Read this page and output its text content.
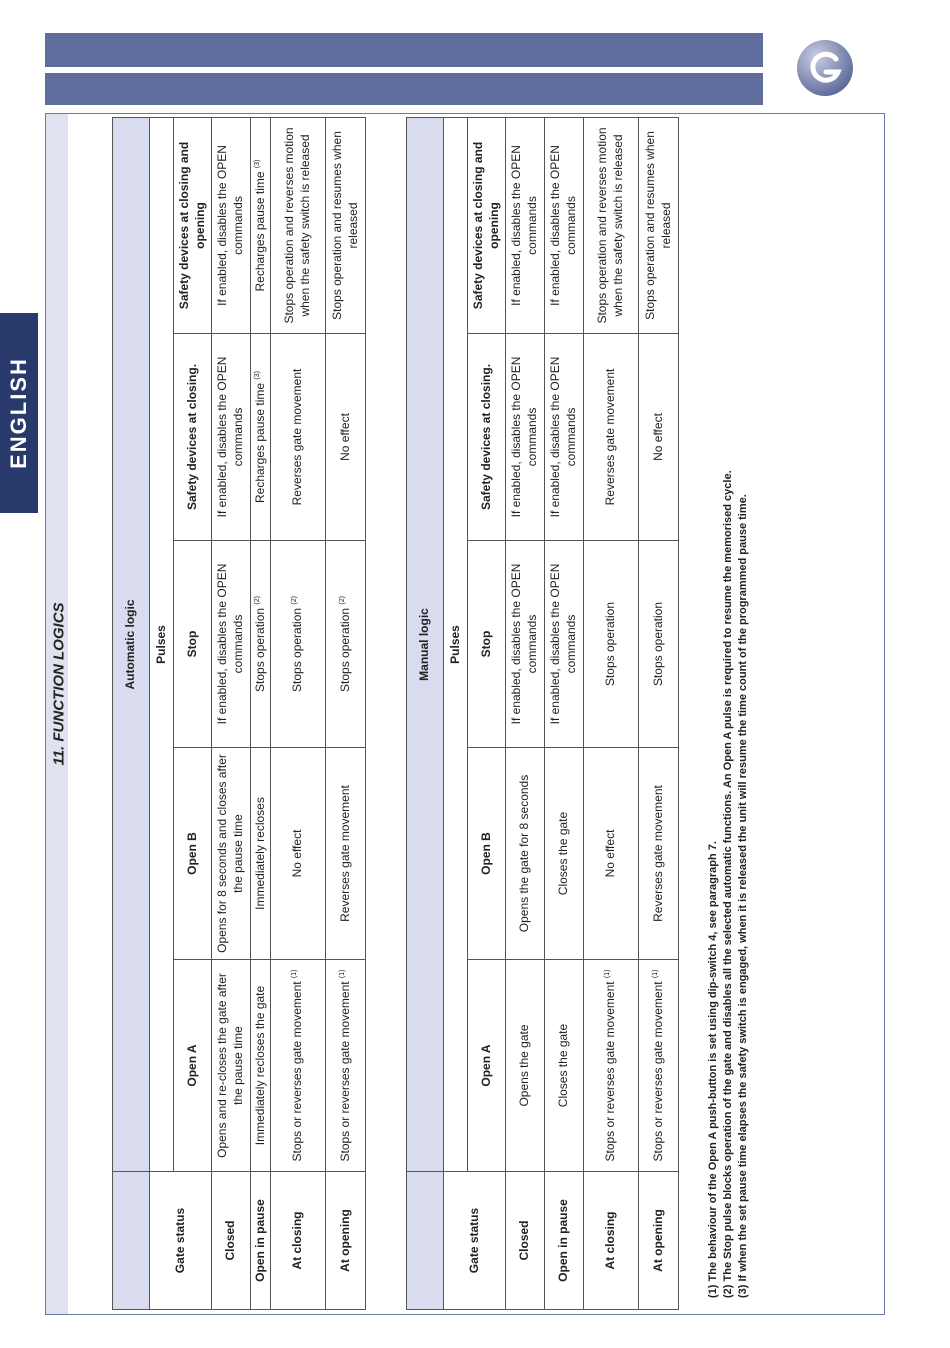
ENGLISH
11. FUNCTION LOGICS
		Automatic logic				
Gate status	Pulses				
	Open A	Open B	Stop	Safety devices at closing.	Safety devices at closing and opening
Closed	Opens and re-closes the gate after the pause time	Opens for 8 seconds and closes after the pause time	If enabled, disables the OPEN commands	If enabled, disables the OPEN commands	If enabled, disables the OPEN commands
Open in pause	Immediately recloses the gate	Immediately recloses	Stops operation $^{(2)}$	Recharges pause time $^{(3)}$	Recharges pause time $^{(3)}$
At closing	Stops or reverses gate movement $^{(1)}$	No effect	Stops operation $^{(2)}$	Reverses gate movement	Stops operation and reverses motion when the safety switch is released
At opening	Stops or reverses gate movement $^{(1)}$	Reverses gate movement	Stops operation $^{(2)}$	No effect	Stops operation and resumes when released
	Manual logic				
Gate status	Pulses				
	Open A	Open B	Stop	Safety devices at closing.	Safety devices at closing and opening
Closed	Opens the gate	Opens the gate for 8 seconds	If enabled, disables the OPEN commands	If enabled, disables the OPEN commands	If enabled, disables the OPEN commands
Open in pause	Closes the gate	Closes the gate	If enabled, disables the OPEN commands	If enabled, disables the OPEN commands	If enabled, disables the OPEN commands
At closing	Stops or reverses gate movement $^{(1)}$	No effect	Stops operation	Reverses gate movement	Stops operation and reverses motion when the safety switch is released
At opening	Stops or reverses gate movement $^{(1)}$	Reverses gate movement	Stops operation	No effect	Stops operation and resumes when released
(1) The behaviour of the Open A push-button is set using dip-switch 4, see paragraph 7. (2) The Stop pulse blocks operation of the gate and disables all the selected automatic functions. An Open A pulse is required to resume the memorised cycle. (3) If when the set pause time elapses the safety switch is engaged, when it is released the unit will resume the time count of the programmed pause time.
